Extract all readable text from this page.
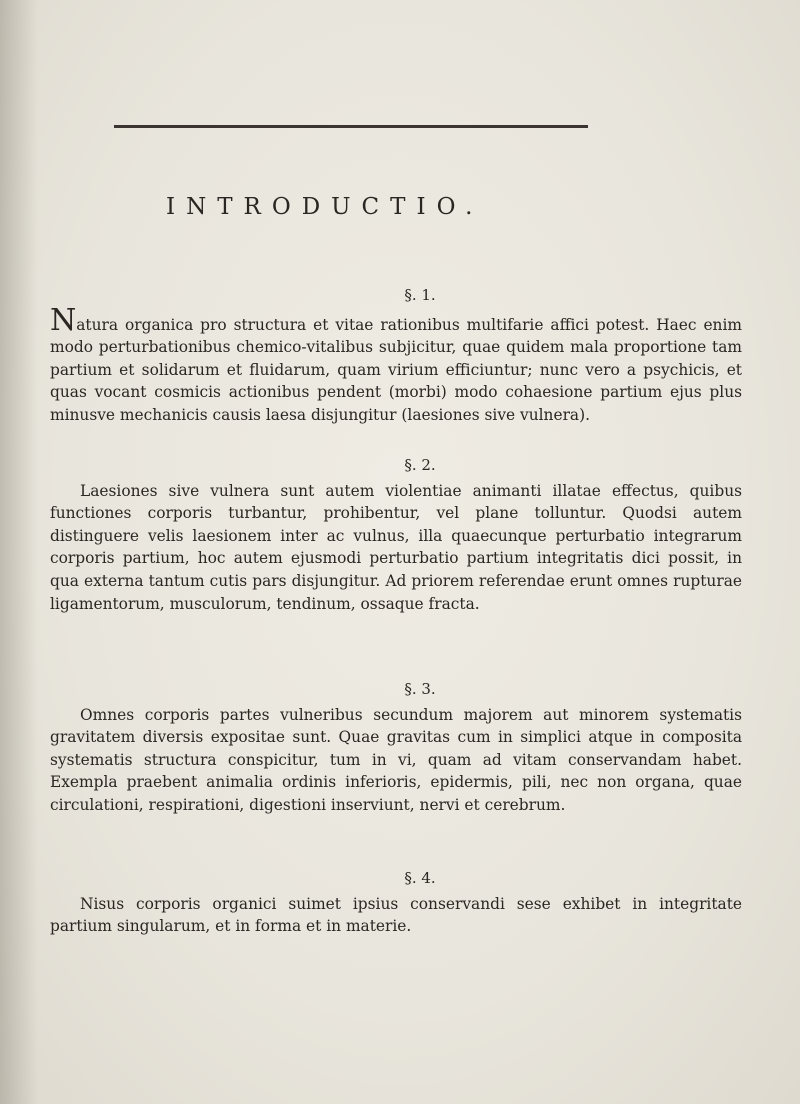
INTRODUCTIO.
§. 1.
Natura organica pro structura et vitae rationibus multifarie affici potest. Haec enim modo perturbationibus chemico-vitalibus subjicitur, quae quidem mala proportione tam partium et solidarum et fluidarum, quam virium efficiuntur; nunc vero a psychicis, et quas vocant cosmicis actionibus pendent (morbi) modo cohaesione partium ejus plus minusve mechanicis causis laesa disjungitur (laesiones sive vulnera).
§. 2.
Laesiones sive vulnera sunt autem violentiae animanti illatae effectus, quibus functiones corporis turbantur, prohibentur, vel plane tolluntur. Quodsi autem distinguere velis laesionem inter ac vulnus, illa quaecunque perturbatio integrarum corporis partium, hoc autem ejusmodi perturbatio partium integritatis dici possit, in qua externa tantum cutis pars disjungitur. Ad priorem referendae erunt omnes rupturae ligamentorum, musculorum, tendinum, ossaque fracta.
§. 3.
Omnes corporis partes vulneribus secundum majorem aut minorem systematis gravitatem diversis expositae sunt. Quae gravitas cum in simplici atque in composita systematis structura conspicitur, tum in vi, quam ad vitam conservandam habet. Exempla praebent animalia ordinis inferioris, epidermis, pili, nec non organa, quae circulationi, respirationi, digestioni inserviunt, nervi et cerebrum.
§. 4.
Nisus corporis organici suimet ipsius conservandi sese exhibet in integritate partium singularum, et in forma et in materie.
